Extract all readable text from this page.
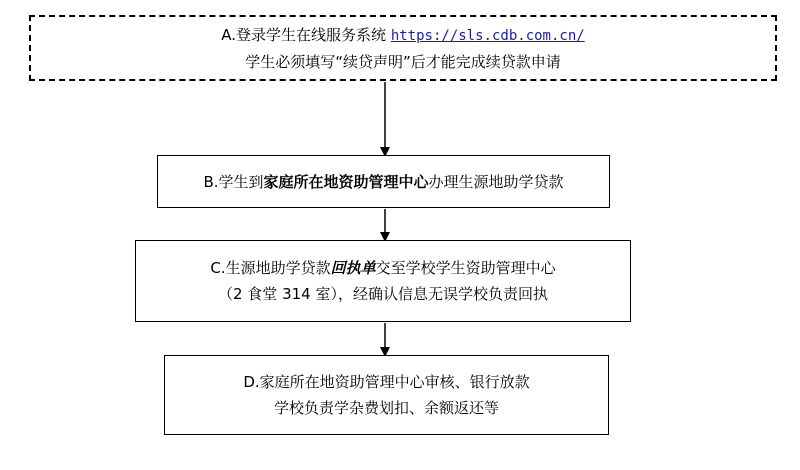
A.登录学生在线服务系统 https://sls.cdb.com.cn/
学生必须填写“续贷声明”后才能完成续贷款申请
B.学生到家庭所在地资助管理中心办理生源地助学贷款
C.生源地助学贷款回执单交至学校学生资助管理中心
（2 食堂 314 室），经确认信息无误学校负责回执
D.家庭所在地资助管理中心审核、银行放款
学校负责学杂费划扣、余额返还等
